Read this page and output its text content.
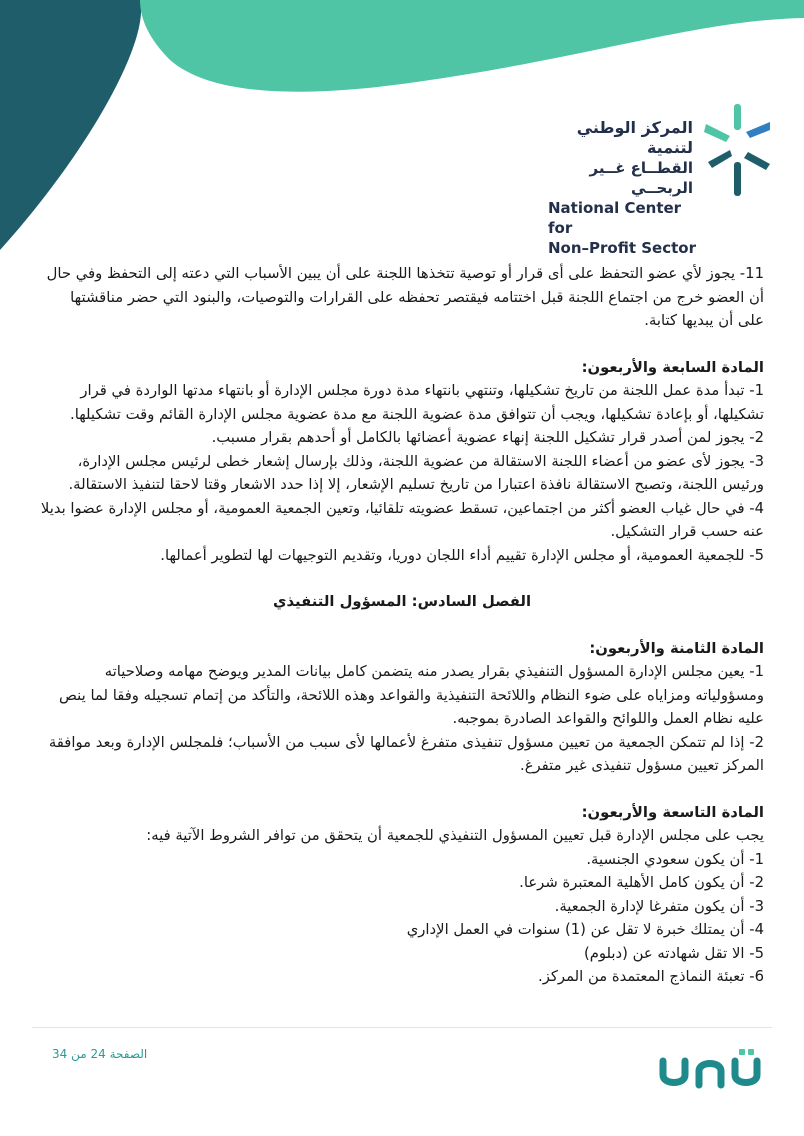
المركز الوطني لتنمية
القطــاع غــير الربحــي
National Center for
Non–Profit Sector

11- يجوز لأي عضو التحفظ على أى قرار أو توصية تتخذها اللجنة على أن يبين الأسباب التي دعته إلى التحفظ وفي حال أن العضو خرج من اجتماع اللجنة قبل اختتامه فيقتصر تحفظه على القرارات والتوصيات، والبنود التي حضر مناقشتها على أن يبديها كتابة.

المادة السابعة والأربعون:

1- تبدأ مدة عمل اللجنة من تاريخ تشكيلها، وتنتهي بانتهاء مدة دورة مجلس الإدارة أو بانتهاء مدتها الواردة في قرار تشكيلها، أو بإعادة تشكيلها، ويجب أن تتوافق مدة عضوية اللجنة مع مدة عضوية مجلس الإدارة القائم وقت تشكيلها.

2- يجوز لمن أصدر قرار تشكيل اللجنة إنهاء عضوية أعضائها بالكامل أو أحدهم بقرار مسبب.

3- يجوز لأى عضو من أعضاء اللجنة الاستقالة من عضوية اللجنة، وذلك بإرسال إشعار خطى لرئيس مجلس الإدارة، ورئيس اللجنة، وتصبح الاستقالة نافذة اعتبارا من تاريخ تسليم الإشعار، إلا إذا حدد الاشعار وقتا لاحقا لتنفيذ الاستقالة.

4- في حال غياب العضو أكثر من اجتماعين، تسقط عضويته تلقائيا، وتعين الجمعية العمومية، أو مجلس الإدارة عضوا بديلا عنه حسب قرار التشكيل.

5- للجمعية العمومية، أو مجلس الإدارة تقييم أداء اللجان دوريا، وتقديم التوجيهات لها لتطوير أعمالها.

الفصل السادس: المسؤول التنفيذي

المادة الثامنة والأربعون:

1- يعين مجلس الإدارة المسؤول التنفيذي بقرار يصدر منه يتضمن كامل بيانات المدير ويوضح مهامه وصلاحياته ومسؤولياته ومزاياه على ضوء النظام واللائحة التنفيذية والقواعد وهذه اللائحة، والتأكد من إتمام تسجيله وفقا لما ينص عليه نظام العمل واللوائح والقواعد الصادرة بموجبه.

2- إذا لم تتمكن الجمعية من تعيين مسؤول تنفيذى متفرغ لأعمالها لأى سبب من الأسباب؛ فلمجلس الإدارة وبعد موافقة المركز تعيين مسؤول تنفيذى غير متفرغ.

المادة التاسعة والأربعون:

يجب على مجلس الإدارة قبل تعيين المسؤول التنفيذي للجمعية أن يتحقق من توافر الشروط الآتية فيه:

1- أن يكون سعودي الجنسية.

2- أن يكون كامل الأهلية المعتبرة شرعا.

3- أن يكون متفرغا لإدارة الجمعية.

4- أن يمتلك خبرة لا تقل عن (1) سنوات في العمل الإداري

5- الا تقل شهادته عن (دبلوم)

6- تعبئة النماذج المعتمدة من المركز.

الصفحة 24 من 34
